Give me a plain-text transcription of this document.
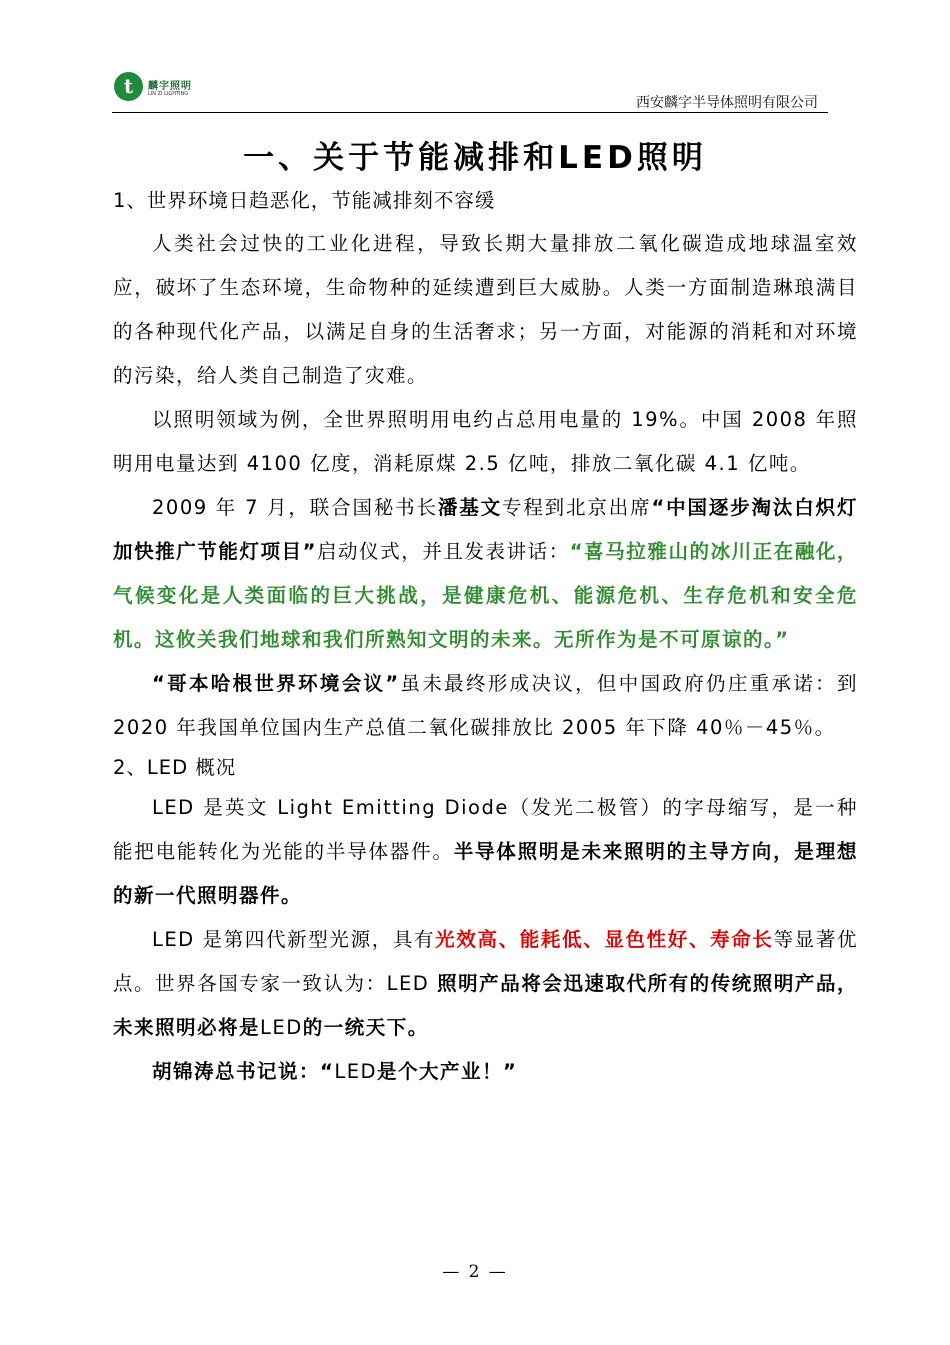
t	麟字照明
LIN ZI LIGHTING
西安麟字半导体照明有限公司
一、关于节能减排和LED照明

1、世界环境日趋恶化，节能减排刻不容缓

人类社会过快的工业化进程，导致长期大量排放二氧化碳造成地球温室效应，破坏了生态环境，生命物种的延续遭到巨大威胁。人类一方面制造琳琅满目的各种现代化产品，以满足自身的生活奢求；另一方面，对能源的消耗和对环境的污染，给人类自己制造了灾难。

以照明领域为例，全世界照明用电约占总用电量的 19%。中国 2008 年照明用电量达到 4100 亿度，消耗原煤 2.5 亿吨，排放二氧化碳 4.1 亿吨。

2009 年 7 月，联合国秘书长潘基文专程到北京出席“中国逐步淘汰白炽灯加快推广节能灯项目”启动仪式，并且发表讲话：“喜马拉雅山的冰川正在融化，气候变化是人类面临的巨大挑战，是健康危机、能源危机、生存危机和安全危机。这攸关我们地球和我们所熟知文明的未来。无所作为是不可原谅的。”

“哥本哈根世界环境会议”虽未最终形成决议，但中国政府仍庄重承诺：到 2020 年我国单位国内生产总值二氧化碳排放比 2005 年下降 40％－45％。

2、LED 概况

LED 是英文 Light Emitting Diode（发光二极管）的字母缩写，是一种能把电能转化为光能的半导体器件。半导体照明是未来照明的主导方向，是理想的新一代照明器件。

LED 是第四代新型光源，具有光效高、能耗低、显色性好、寿命长等显著优点。世界各国专家一致认为：LED 照明产品将会迅速取代所有的传统照明产品，未来照明必将是LED的一统天下。

胡锦涛总书记说：“LED是个大产业！”

— 2 —
